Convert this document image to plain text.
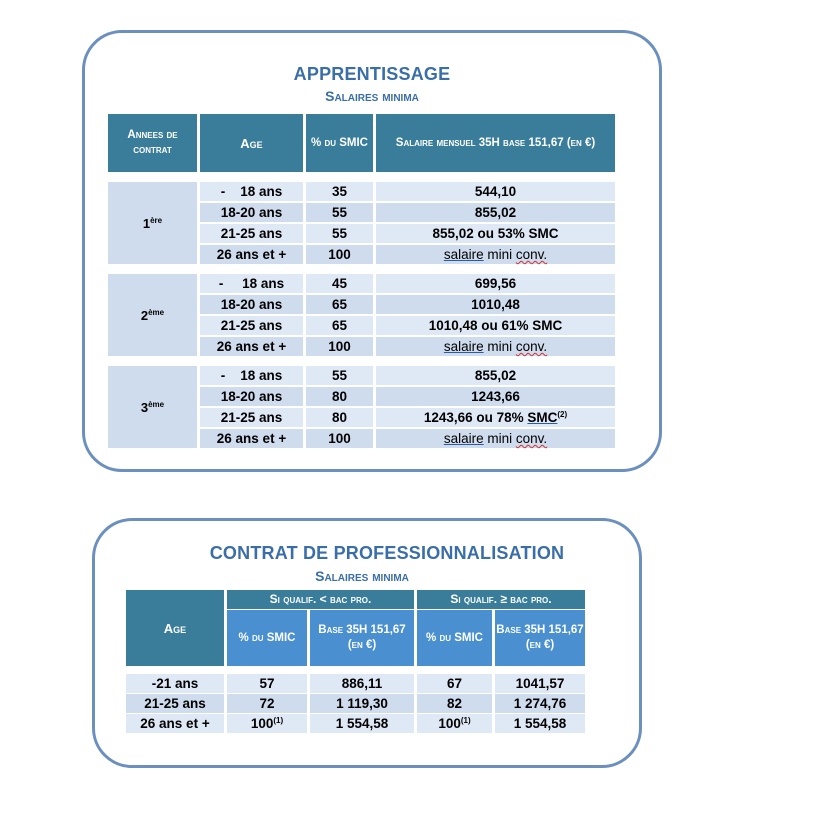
APPRENTISSAGE
Salaires minima
Annees de contrat	Age	% du SMIC	Salaire mensuel 35H base 151,67 (en €)

1ère	-    18 ans	35	544,10
	18-20 ans	55	855,02
	21-25 ans	55	855,02 ou 53% SMC
	26 ans et +	100	salaire mini conv.

2ème	-     18 ans	45	699,56
	18-20 ans	65	1010,48
	21-25 ans	65	1010,48 ou 61% SMC
	26 ans et +	100	salaire mini conv.

3ème	-    18 ans	55	855,02
	18-20 ans	80	1243,66
	21-25 ans	80	1243,66 ou 78% SMC$^{(2)}$
	26 ans et +	100	salaire mini conv.
CONTRAT DE PROFESSIONNALISATION
Salaires minima
Age	Si qualif. < bac pro.		Si qualif. ≥ bac pro.	
	% du SMIC	Base 35H 151,67 (en €)	% du SMIC	Base 35H 151,67 (en €)

-21 ans	57	886,11	67	1041,57
21-25 ans	72	1 119,30	82	1 274,76
26 ans et +	$100^{(1)}$	1 554,58	100$^{(1)}$	1 554,58
